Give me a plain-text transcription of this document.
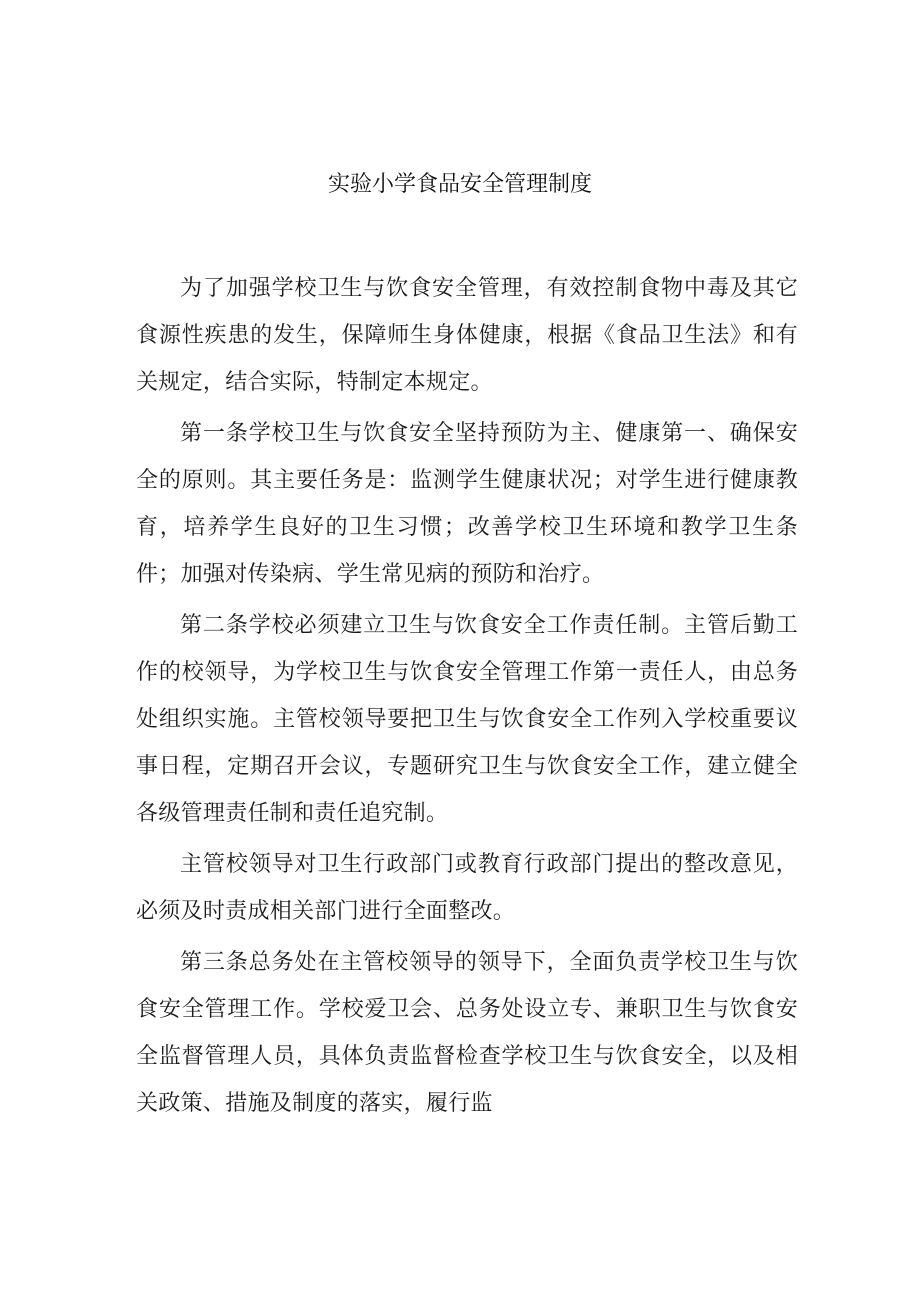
实验小学食品安全管理制度

为了加强学校卫生与饮食安全管理，有效控制食物中毒及其它食源性疾患的发生，保障师生身体健康，根据《食品卫生法》和有关规定，结合实际，特制定本规定。

第一条学校卫生与饮食安全坚持预防为主、健康第一、确保安全的原则。其主要任务是：监测学生健康状况；对学生进行健康教育，培养学生良好的卫生习惯；改善学校卫生环境和教学卫生条件；加强对传染病、学生常见病的预防和治疗。

第二条学校必须建立卫生与饮食安全工作责任制。主管后勤工作的校领导，为学校卫生与饮食安全管理工作第一责任人，由总务处组织实施。主管校领导要把卫生与饮食安全工作列入学校重要议事日程，定期召开会议，专题研究卫生与饮食安全工作，建立健全各级管理责任制和责任追究制。

主管校领导对卫生行政部门或教育行政部门提出的整改意见，必须及时责成相关部门进行全面整改。

第三条总务处在主管校领导的领导下，全面负责学校卫生与饮食安全管理工作。学校爱卫会、总务处设立专、兼职卫生与饮食安全监督管理人员，具体负责监督检查学校卫生与饮食安全，以及相关政策、措施及制度的落实，履行监
